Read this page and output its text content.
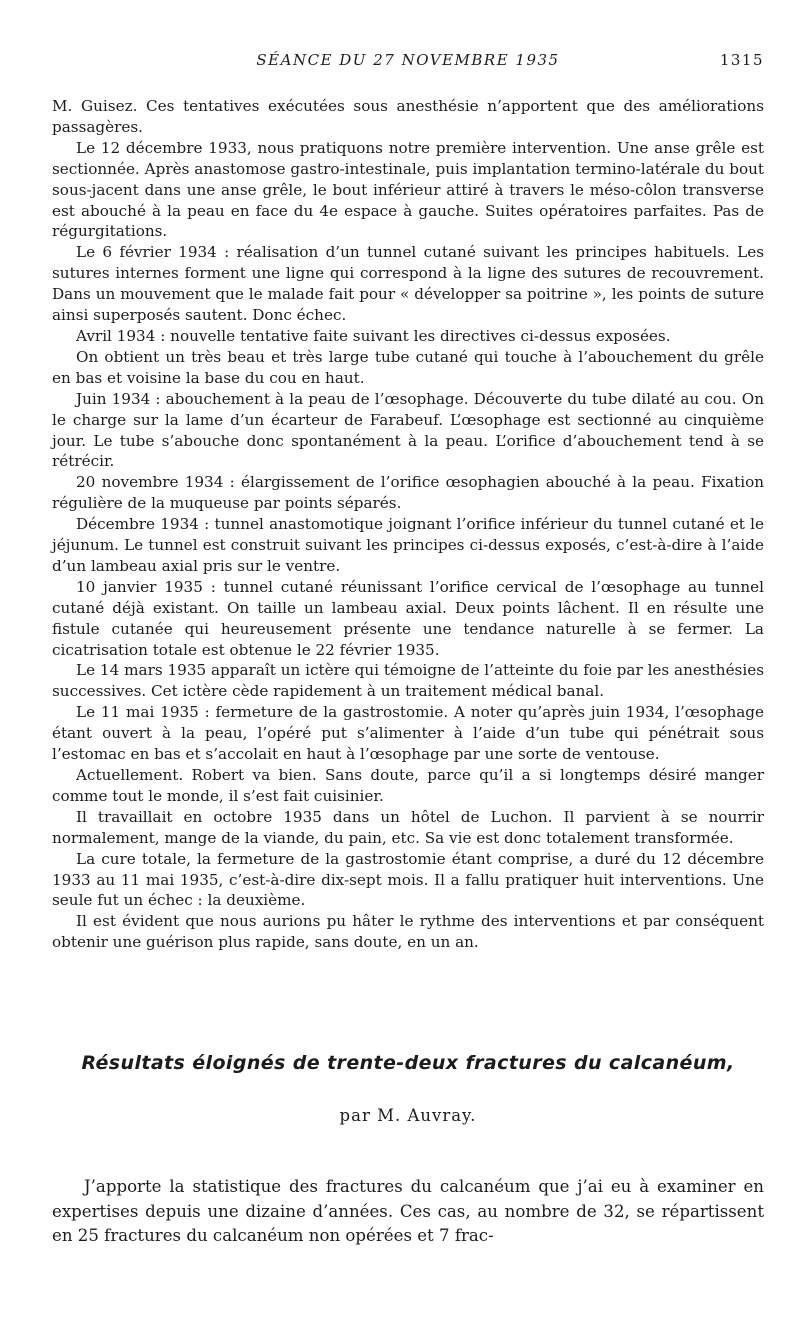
SÉANCE DU 27 NOVEMBRE 1935	1315

M. Guisez. Ces tentatives exécutées sous anesthésie n’apportent que des améliorations passagères.

Le 12 décembre 1933, nous pratiquons notre première intervention. Une anse grêle est sectionnée. Après anastomose gastro-intestinale, puis implantation termino-latérale du bout sous-jacent dans une anse grêle, le bout inférieur attiré à travers le méso-côlon transverse est abouché à la peau en face du 4e espace à gauche. Suites opératoires parfaites. Pas de régurgitations.

Le 6 février 1934 : réalisation d’un tunnel cutané suivant les principes habituels. Les sutures internes forment une ligne qui correspond à la ligne des sutures de recouvrement. Dans un mouvement que le malade fait pour « développer sa poitrine », les points de suture ainsi superposés sautent. Donc échec.

Avril 1934 : nouvelle tentative faite suivant les directives ci-dessus exposées.

On obtient un très beau et très large tube cutané qui touche à l’abouchement du grêle en bas et voisine la base du cou en haut.

Juin 1934 : abouchement à la peau de l’œsophage. Découverte du tube dilaté au cou. On le charge sur la lame d’un écarteur de Farabeuf. L’œsophage est sectionné au cinquième jour. Le tube s’abouche donc spontanément à la peau. L’orifice d’abouchement tend à se rétrécir.

20 novembre 1934 : élargissement de l’orifice œsophagien abouché à la peau. Fixation régulière de la muqueuse par points séparés.

Décembre 1934 : tunnel anastomotique joignant l’orifice inférieur du tunnel cutané et le jéjunum. Le tunnel est construit suivant les principes ci-dessus exposés, c’est-à-dire à l’aide d’un lambeau axial pris sur le ventre.

10 janvier 1935 : tunnel cutané réunissant l’orifice cervical de l’œsophage au tunnel cutané déjà existant. On taille un lambeau axial. Deux points lâchent. Il en résulte une fistule cutanée qui heureusement présente une tendance naturelle à se fermer. La cicatrisation totale est obtenue le 22 février 1935.

Le 14 mars 1935 apparaît un ictère qui témoigne de l’atteinte du foie par les anesthésies successives. Cet ictère cède rapidement à un traitement médical banal.

Le 11 mai 1935 : fermeture de la gastrostomie. A noter qu’après juin 1934, l’œsophage étant ouvert à la peau, l’opéré put s’alimenter à l’aide d’un tube qui pénétrait sous l’estomac en bas et s’accolait en haut à l’œsophage par une sorte de ventouse.

Actuellement. Robert va bien. Sans doute, parce qu’il a si longtemps désiré manger comme tout le monde, il s’est fait cuisinier.

Il travaillait en octobre 1935 dans un hôtel de Luchon. Il parvient à se nourrir normalement, mange de la viande, du pain, etc. Sa vie est donc totalement transformée.

La cure totale, la fermeture de la gastrostomie étant comprise, a duré du 12 décembre 1933 au 11 mai 1935, c’est-à-dire dix-sept mois. Il a fallu pratiquer huit interventions. Une seule fut un échec : la deuxième.

Il est évident que nous aurions pu hâter le rythme des interventions et par conséquent obtenir une guérison plus rapide, sans doute, en un an.

Résultats éloignés de trente-deux fractures du calcanéum,
par M. Auvray.

J’apporte la statistique des fractures du calcanéum que j’ai eu à examiner en expertises depuis une dizaine d’années. Ces cas, au nombre de 32, se répartissent en 25 fractures du calcanéum non opérées et 7 frac-
